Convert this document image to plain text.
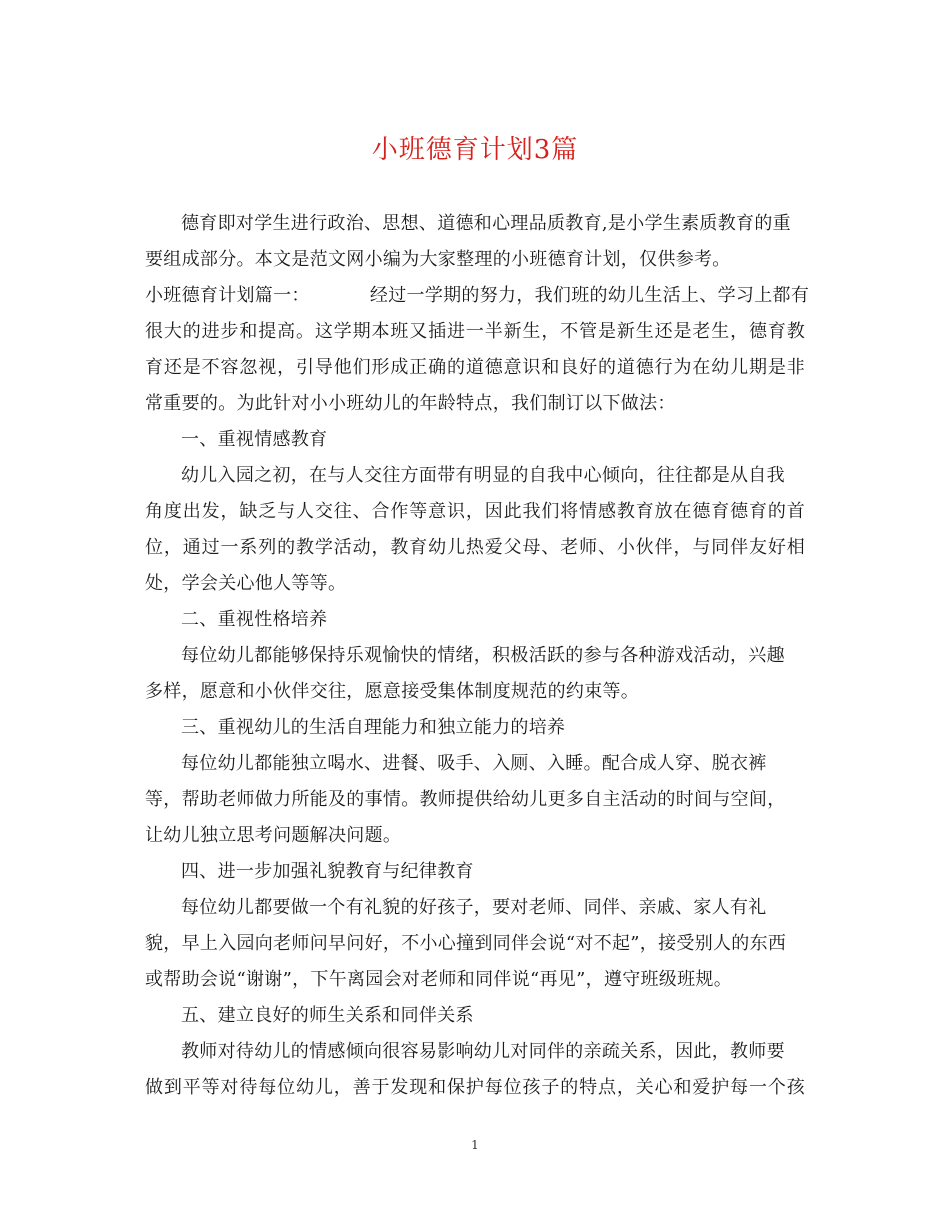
小班德育计划3篇
德育即对学生进行政治、思想、道德和心理品质教育,是小学生素质教育的重
要组成部分。本文是范文网小编为大家整理的小班德育计划，仅供参考。
小班德育计划篇一：          经过一学期的努力，我们班的幼儿生活上、学习上都有
很大的进步和提高。这学期本班又插进一半新生，不管是新生还是老生，德育教
育还是不容忽视，引导他们形成正确的道德意识和良好的道德行为在幼儿期是非
常重要的。为此针对小小班幼儿的年龄特点，我们制订以下做法：
一、重视情感教育
幼儿入园之初，在与人交往方面带有明显的自我中心倾向，往往都是从自我
角度出发，缺乏与人交往、合作等意识，因此我们将情感教育放在德育德育的首
位，通过一系列的教学活动，教育幼儿热爱父母、老师、小伙伴，与同伴友好相
处，学会关心他人等等。
二、重视性格培养
每位幼儿都能够保持乐观愉快的情绪，积极活跃的参与各种游戏活动，兴趣
多样，愿意和小伙伴交往，愿意接受集体制度规范的约束等。
三、重视幼儿的生活自理能力和独立能力的培养
每位幼儿都能独立喝水、进餐、吸手、入厕、入睡。配合成人穿、脱衣裤
等，帮助老师做力所能及的事情。教师提供给幼儿更多自主活动的时间与空间，
让幼儿独立思考问题解决问题。
四、进一步加强礼貌教育与纪律教育
每位幼儿都要做一个有礼貌的好孩子，要对老师、同伴、亲戚、家人有礼
貌，早上入园向老师问早问好，不小心撞到同伴会说“对不起”，接受别人的东西
或帮助会说“谢谢”，下午离园会对老师和同伴说“再见”，遵守班级班规。
五、建立良好的师生关系和同伴关系
教师对待幼儿的情感倾向很容易影响幼儿对同伴的亲疏关系，因此，教师要
做到平等对待每位幼儿，善于发现和保护每位孩子的特点，关心和爱护每一个孩
1
